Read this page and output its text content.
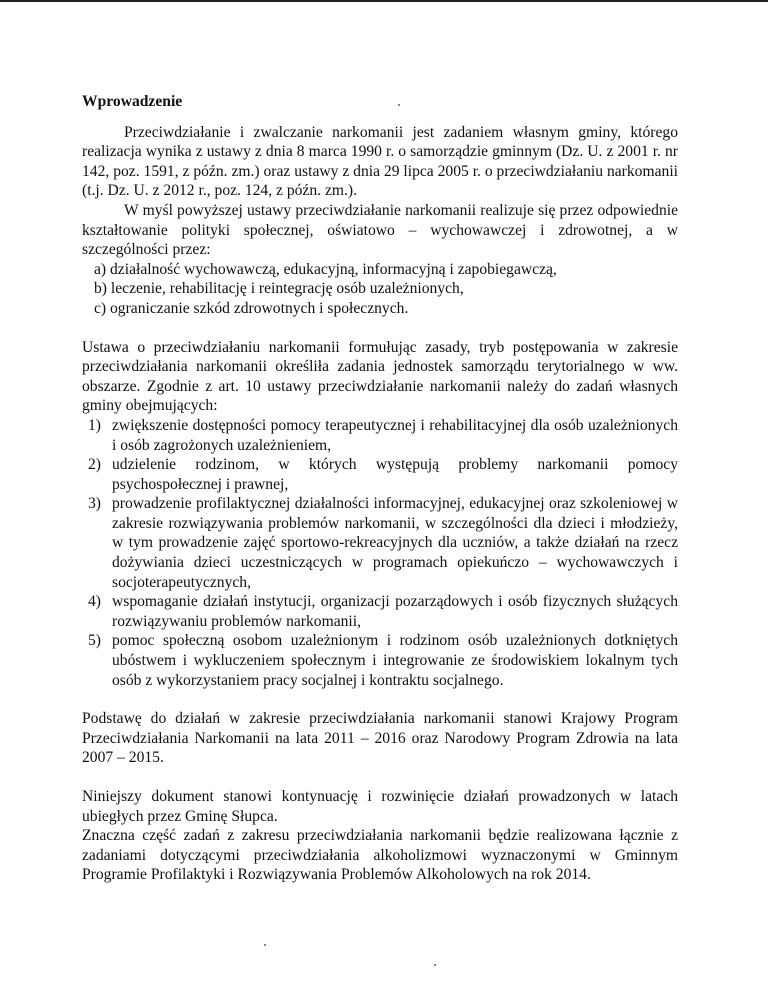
Wprowadzenie

Przeciwdziałanie i zwalczanie narkomanii jest zadaniem własnym gminy, którego realizacja wynika z ustawy z dnia 8 marca 1990 r. o samorządzie gminnym (Dz. U. z 2001 r. nr 142, poz. 1591, z późn. zm.) oraz ustawy z dnia 29 lipca 2005 r. o przeciwdziałaniu narkomanii (t.j. Dz. U. z 2012 r., poz. 124, z późn. zm.).

W myśl powyższej ustawy przeciwdziałanie narkomanii realizuje się przez odpowiednie kształtowanie polityki społecznej, oświatowo – wychowawczej i zdrowotnej, a w szczególności przez:

a) działalność wychowawczą, edukacyjną, informacyjną i zapobiegawczą,
b) leczenie, rehabilitację i reintegrację osób uzależnionych,
c) ograniczanie szkód zdrowotnych i społecznych.

Ustawa o przeciwdziałaniu narkomanii formułując zasady, tryb postępowania w zakresie przeciwdziałania narkomanii określiła zadania jednostek samorządu terytorialnego w ww. obszarze. Zgodnie z art. 10 ustawy przeciwdziałanie narkomanii należy do zadań własnych gminy obejmujących:

1) zwiększenie dostępności pomocy terapeutycznej i rehabilitacyjnej dla osób uzależnionych i osób zagrożonych uzależnieniem,
2) udzielenie rodzinom, w których występują problemy narkomanii pomocy psychospołecznej i prawnej,
3) prowadzenie profilaktycznej działalności informacyjnej, edukacyjnej oraz szkoleniowej w zakresie rozwiązywania problemów narkomanii, w szczególności dla dzieci i młodzieży, w tym prowadzenie zajęć sportowo-rekreacyjnych dla uczniów, a także działań na rzecz dożywiania dzieci uczestniczących w programach opiekuńczo – wychowawczych i socjoterapeutycznych,
4) wspomaganie działań instytucji, organizacji pozarządowych i osób fizycznych służących rozwiązywaniu problemów narkomanii,
5) pomoc społeczną osobom uzależnionym i rodzinom osób uzależnionych dotkniętych ubóstwem i wykluczeniem społecznym i integrowanie ze środowiskiem lokalnym tych osób z wykorzystaniem pracy socjalnej i kontraktu socjalnego.

Podstawę do działań w zakresie przeciwdziałania narkomanii stanowi Krajowy Program Przeciwdziałania Narkomanii na lata 2011 – 2016 oraz Narodowy Program Zdrowia na lata 2007 – 2015.

Niniejszy dokument stanowi kontynuację i rozwinięcie działań prowadzonych w latach ubiegłych przez Gminę Słupca.

Znaczna część zadań z zakresu przeciwdziałania narkomanii będzie realizowana łącznie z zadaniami dotyczącymi przeciwdziałania alkoholizmowi wyznaczonymi w Gminnym Programie Profilaktyki i Rozwiązywania Problemów Alkoholowych na rok 2014.
